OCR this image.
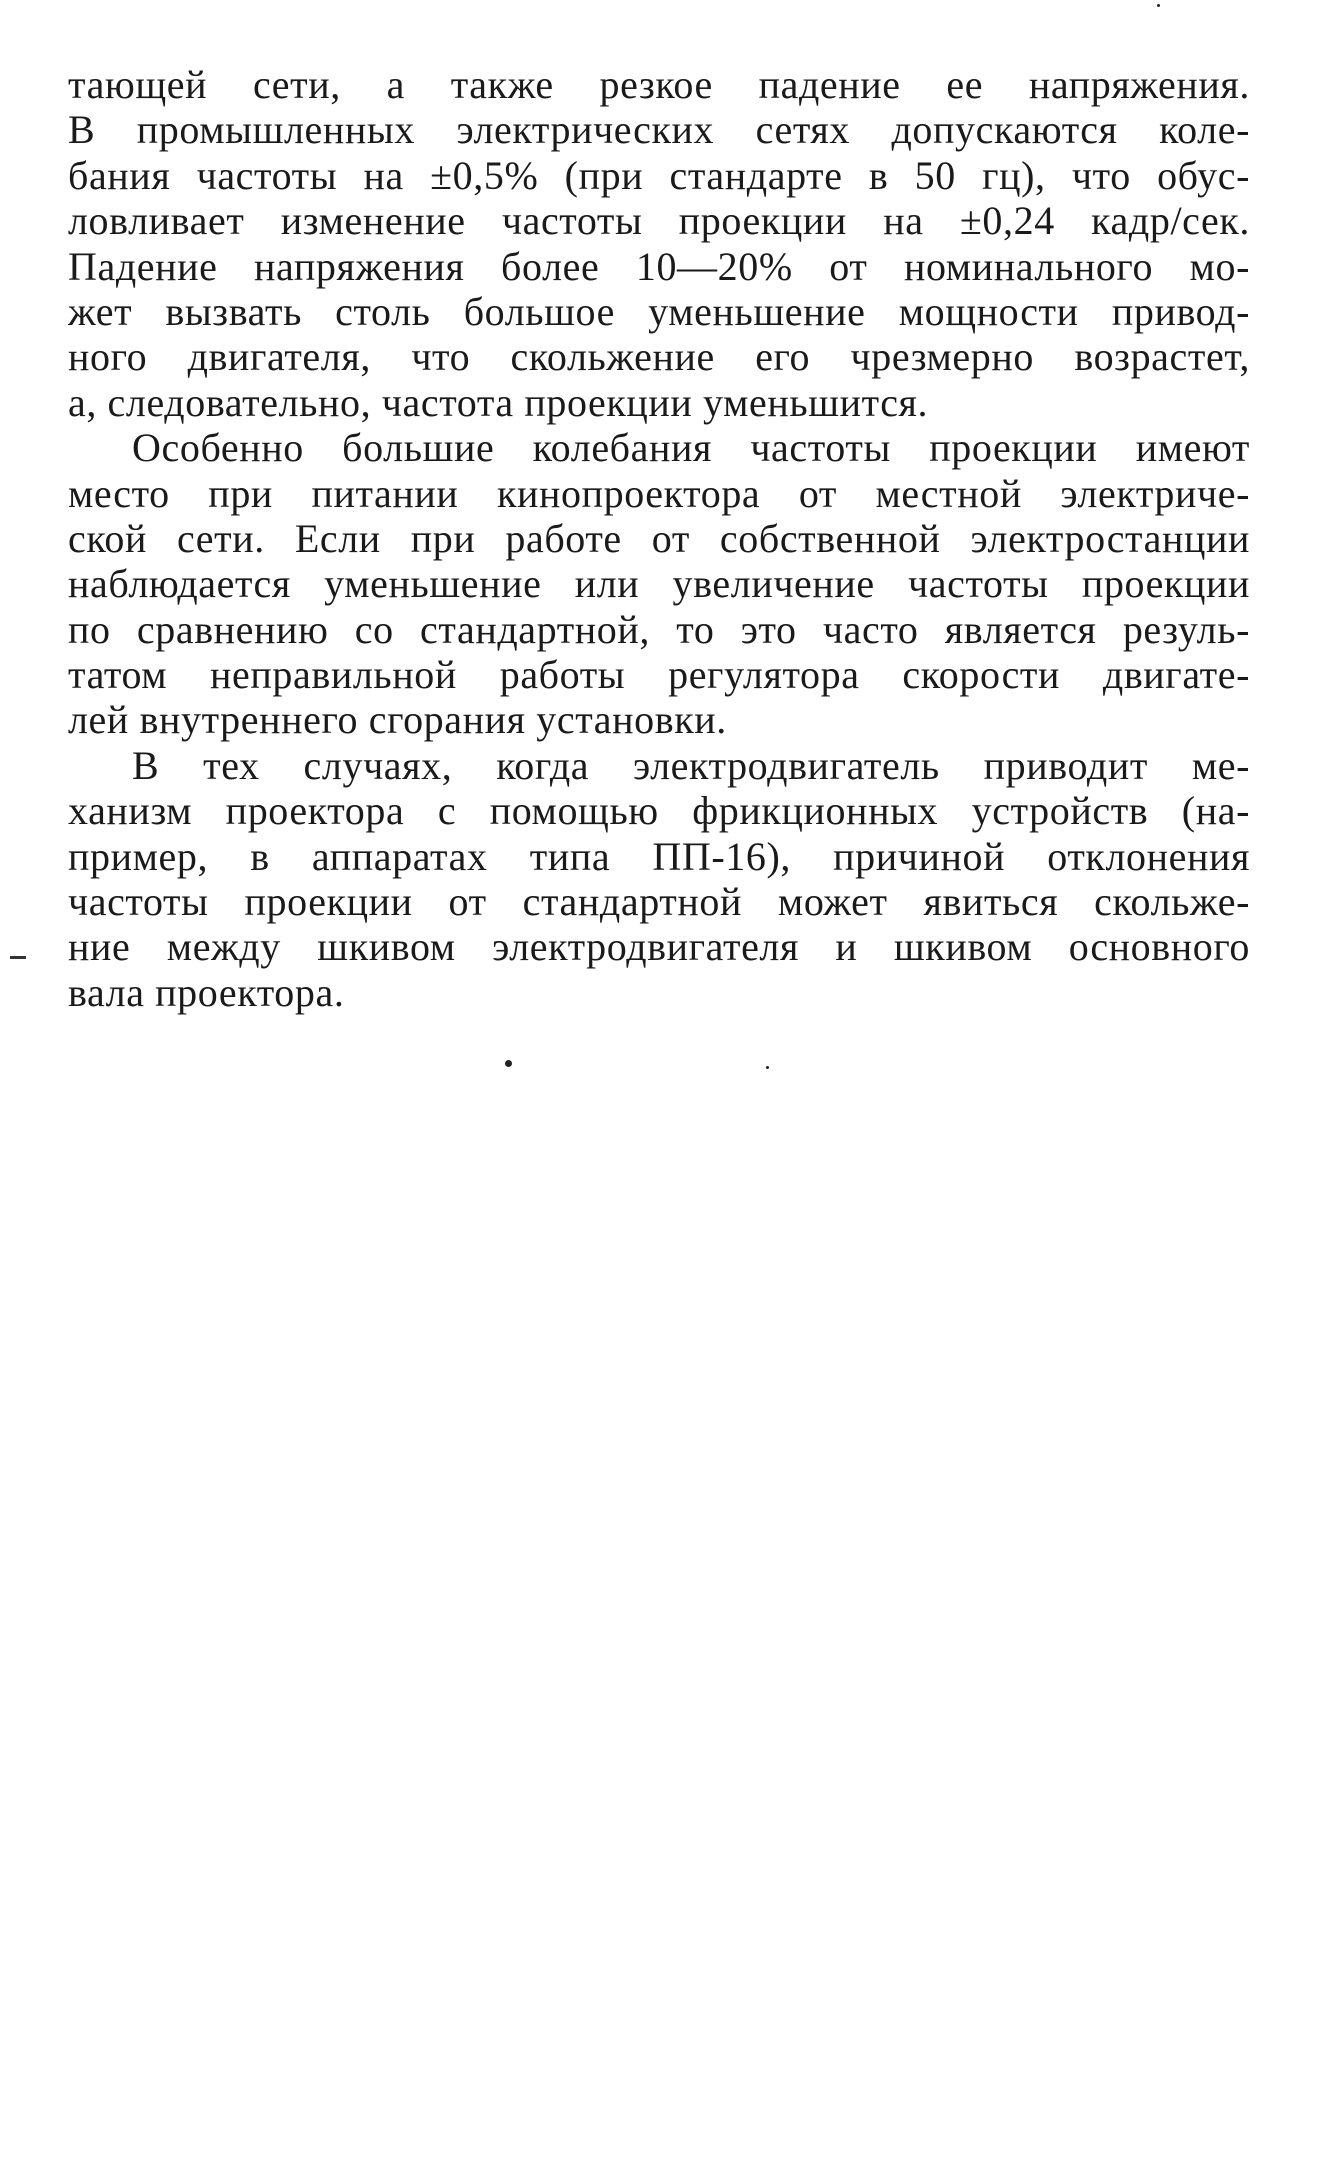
тающей сети, а также резкое падение ее напряжения.
В промышленных электрических сетях допускаются коле-
бания частоты на ±0,5% (при стандарте в 50 гц), что обус-
ловливает изменение частоты проекции на ±0,24 кадр/сек.
Падение напряжения более 10—20% от номинального мо-
жет вызвать столь большое уменьшение мощности привод-
ного двигателя, что скольжение его чрезмерно возрастет,
а, следовательно, частота проекции уменьшится.
Особенно большие колебания частоты проекции имеют
место при питании кинопроектора от местной электриче-
ской сети. Если при работе от собственной электростанции
наблюдается уменьшение или увеличение частоты проекции
по сравнению со стандартной, то это часто является резуль-
татом неправильной работы регулятора скорости двигате-
лей внутреннего сгорания установки.
В тех случаях, когда электродвигатель приводит ме-
ханизм проектора с помощью фрикционных устройств (на-
пример, в аппаратах типа ПП-16), причиной отклонения
частоты проекции от стандартной может явиться скольже-
ние между шкивом электродвигателя и шкивом основного
вала проектора.
